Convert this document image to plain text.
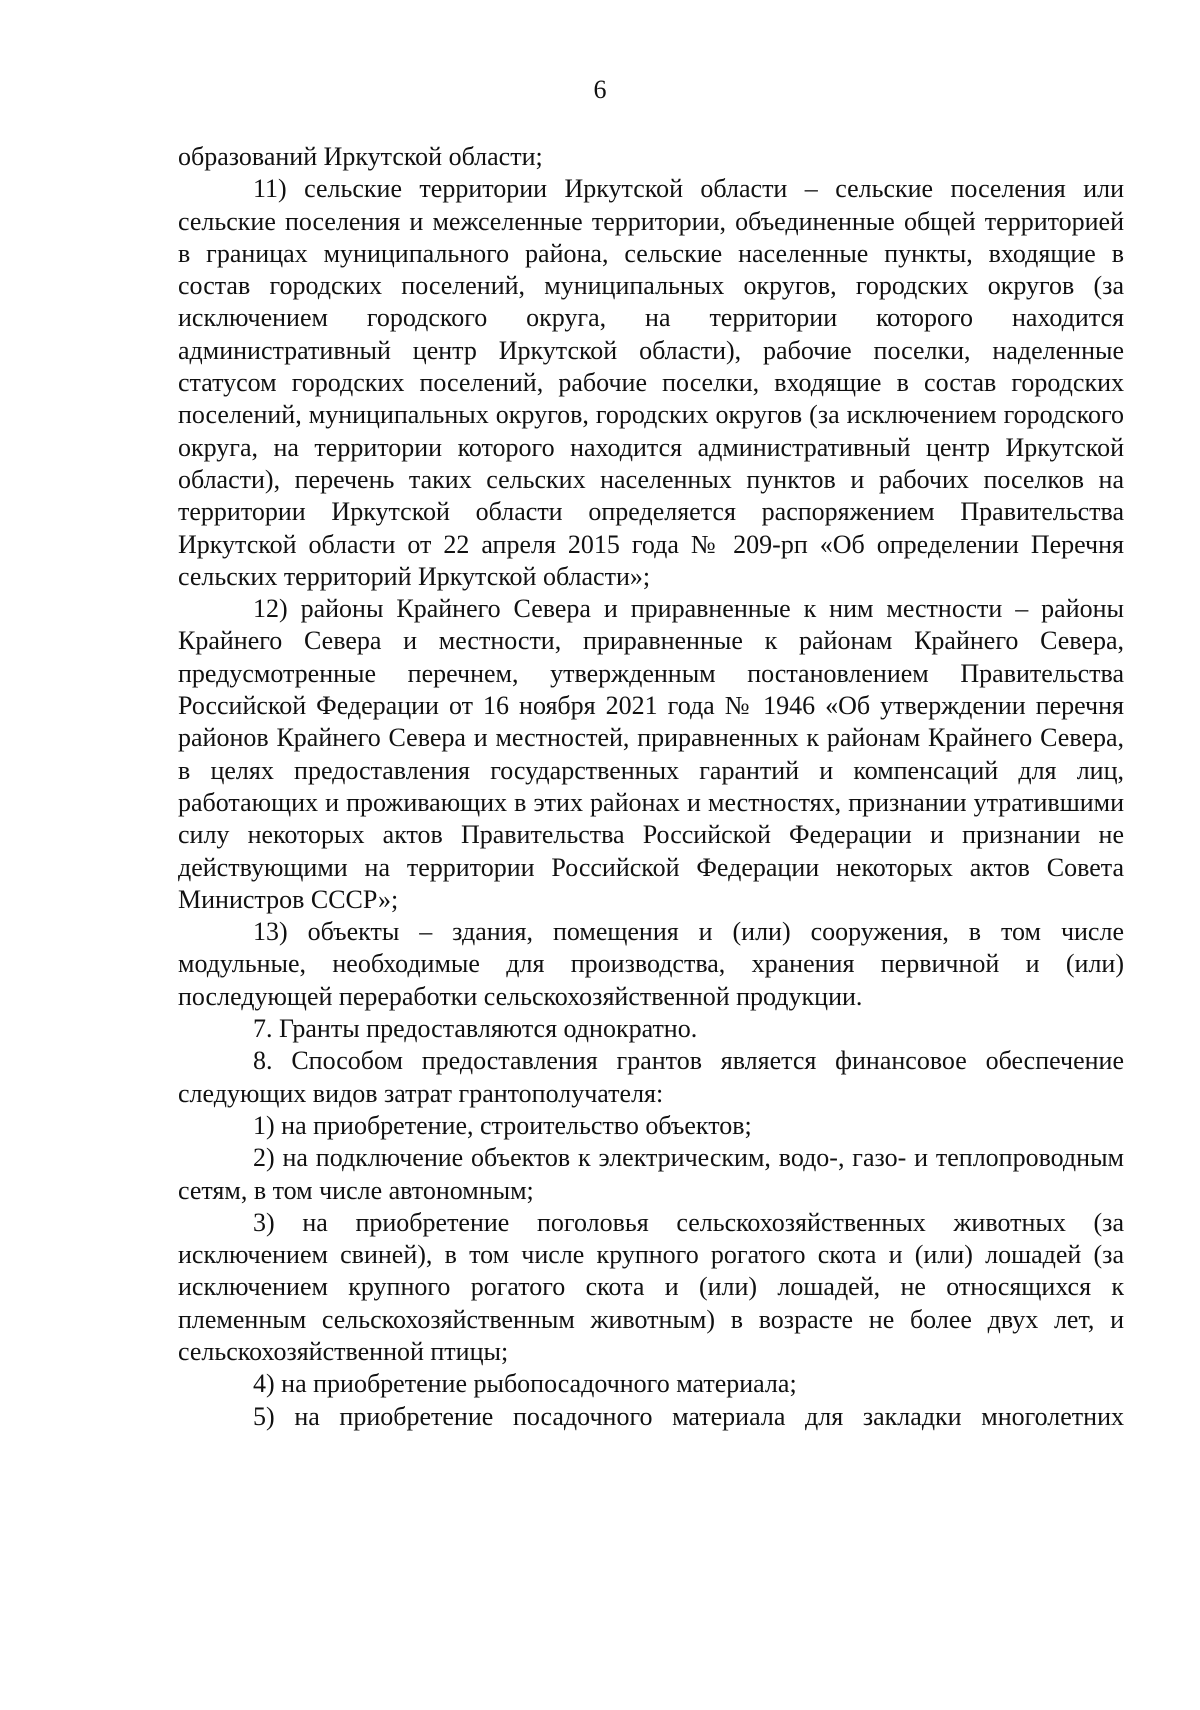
6

образований Иркутской области;

11) сельские территории Иркутской области – сельские поселения или сельские поселения и межселенные территории, объединенные общей территорией в границах муниципального района, сельские населенные пункты, входящие в состав городских поселений, муниципальных округов, городских округов (за исключением городского округа, на территории которого находится административный центр Иркутской области), рабочие поселки, наделенные статусом городских поселений, рабочие поселки, входящие в состав городских поселений, муниципальных округов, городских округов (за исключением городского округа, на территории которого находится административный центр Иркутской области), перечень таких сельских населенных пунктов и рабочих поселков на территории Иркутской области определяется распоряжением Правительства Иркутской области от 22 апреля 2015 года № 209-рп «Об определении Перечня сельских территорий Иркутской области»;

12) районы Крайнего Севера и приравненные к ним местности – районы Крайнего Севера и местности, приравненные к районам Крайнего Севера, предусмотренные перечнем, утвержденным постановлением Правительства Российской Федерации от 16 ноября 2021 года № 1946 «Об утверждении перечня районов Крайнего Севера и местностей, приравненных к районам Крайнего Севера, в целях предоставления государственных гарантий и компенсаций для лиц, работающих и проживающих в этих районах и местностях, признании утратившими силу некоторых актов Правительства Российской Федерации и признании не действующими на территории Российской Федерации некоторых актов Совета Министров СССР»;

13) объекты – здания, помещения и (или) сооружения, в том числе модульные, необходимые для производства, хранения первичной и (или) последующей переработки сельскохозяйственной продукции.

7. Гранты предоставляются однократно.

8. Способом предоставления грантов является финансовое обеспечение следующих видов затрат грантополучателя:

1) на приобретение, строительство объектов;

2) на подключение объектов к электрическим, водо-, газо- и теплопроводным сетям, в том числе автономным;

3) на приобретение поголовья сельскохозяйственных животных (за исключением свиней), в том числе крупного рогатого скота и (или) лошадей (за исключением крупного рогатого скота и (или) лошадей, не относящихся к племенным сельскохозяйственным животным) в возрасте не более двух лет, и сельскохозяйственной птицы;

4) на приобретение рыбопосадочного материала;

5) на приобретение посадочного материала для закладки многолетних
